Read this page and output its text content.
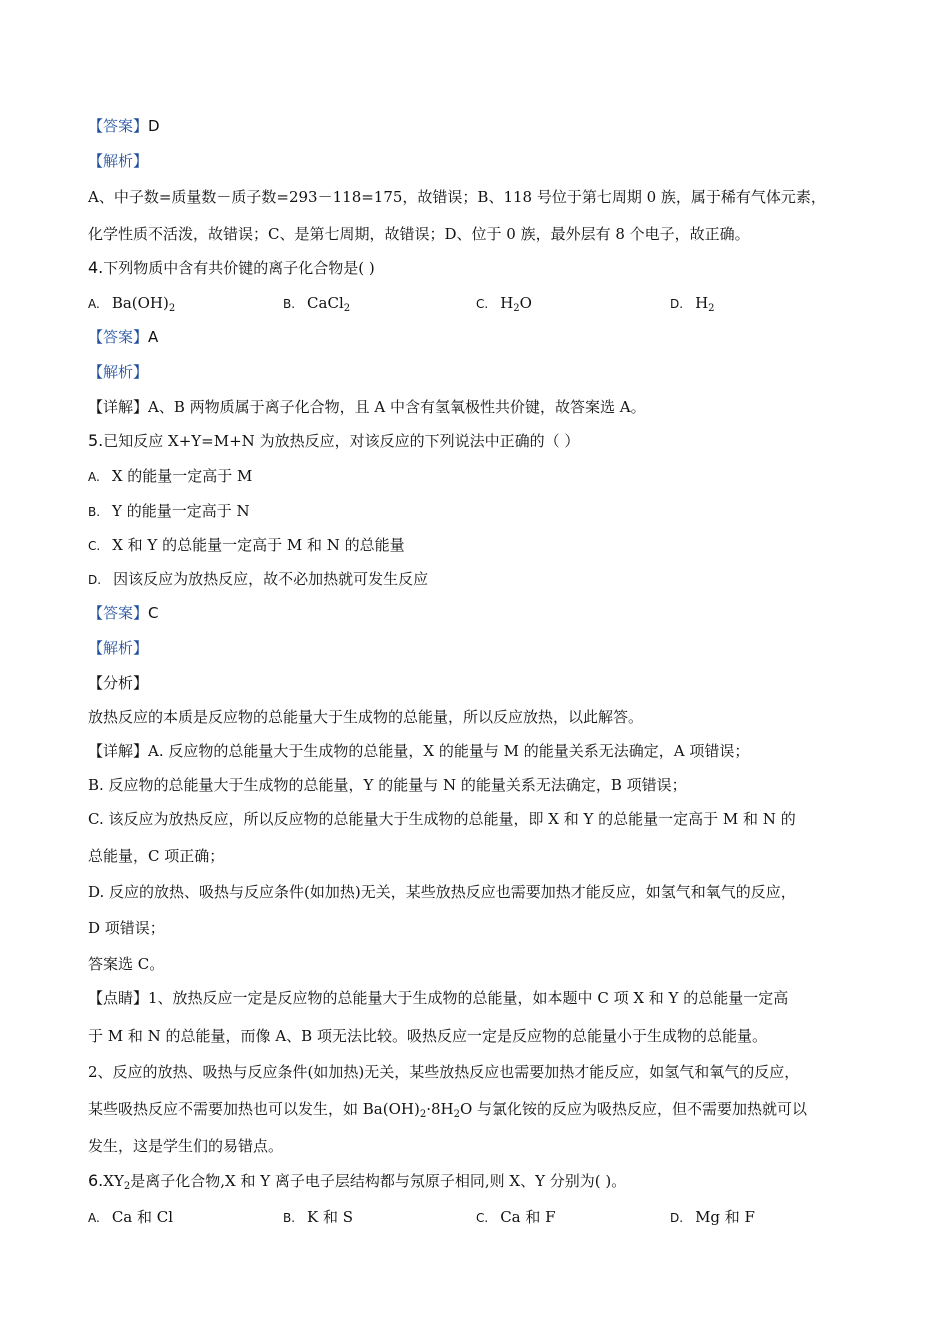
【答案】D
【解析】
A、中子数=质量数－质子数=293－118=175，故错误；B、118 号位于第七周期 0 族，属于稀有气体元素，
化学性质不活泼，故错误；C、是第七周期，故错误；D、位于 0 族，最外层有 8 个电子，故正确。
4.下列物质中含有共价键的离子化合物是( )
A. $Ba(OH)_2$	B. CaCl$_2$	C. $H_2O$	D. $H_2$
【答案】A
【解析】
【详解】A、B 两物质属于离子化合物，且 A 中含有氢氧极性共价键，故答案选 A。
5.已知反应 X+Y=M+N 为放热反应，对该反应的下列说法中正确的（ ）
A. X 的能量一定高于 M
B. Y 的能量一定高于 N
C. X 和 Y 的总能量一定高于 M 和 N 的总能量
D. 因该反应为放热反应，故不必加热就可发生反应
【答案】C
【解析】
【分析】
放热反应的本质是反应物的总能量大于生成物的总能量，所以反应放热，以此解答。
【详解】A. 反应物的总能量大于生成物的总能量，X 的能量与 M 的能量关系无法确定，A 项错误；
B. 反应物的总能量大于生成物的总能量，Y 的能量与 N 的能量关系无法确定，B 项错误；
C. 该反应为放热反应，所以反应物的总能量大于生成物的总能量，即 X 和 Y 的总能量一定高于 M 和 N 的
总能量，C 项正确；
D. 反应的放热、吸热与反应条件(如加热)无关，某些放热反应也需要加热才能反应，如氢气和氧气的反应，
D 项错误；
答案选 C。
【点睛】1、放热反应一定是反应物的总能量大于生成物的总能量，如本题中 C 项 X 和 Y 的总能量一定高
于 M 和 N 的总能量，而像 A、B 项无法比较。吸热反应一定是反应物的总能量小于生成物的总能量。
2、反应的放热、吸热与反应条件(如加热)无关，某些放热反应也需要加热才能反应，如氢气和氧气的反应，
某些吸热反应不需要加热也可以发生，如 $Ba(OH)_2\cdot 8H_2O$ 与氯化铵的反应为吸热反应，但不需要加热就可以
发生，这是学生们的易错点。
$6.XY_2$是离子化合物,X 和 Y 离子电子层结构都与氖原子相同,则 X、Y 分别为( )。
A. Ca 和 Cl	B. K 和 S	C. Ca 和 F	D. Mg 和 F
